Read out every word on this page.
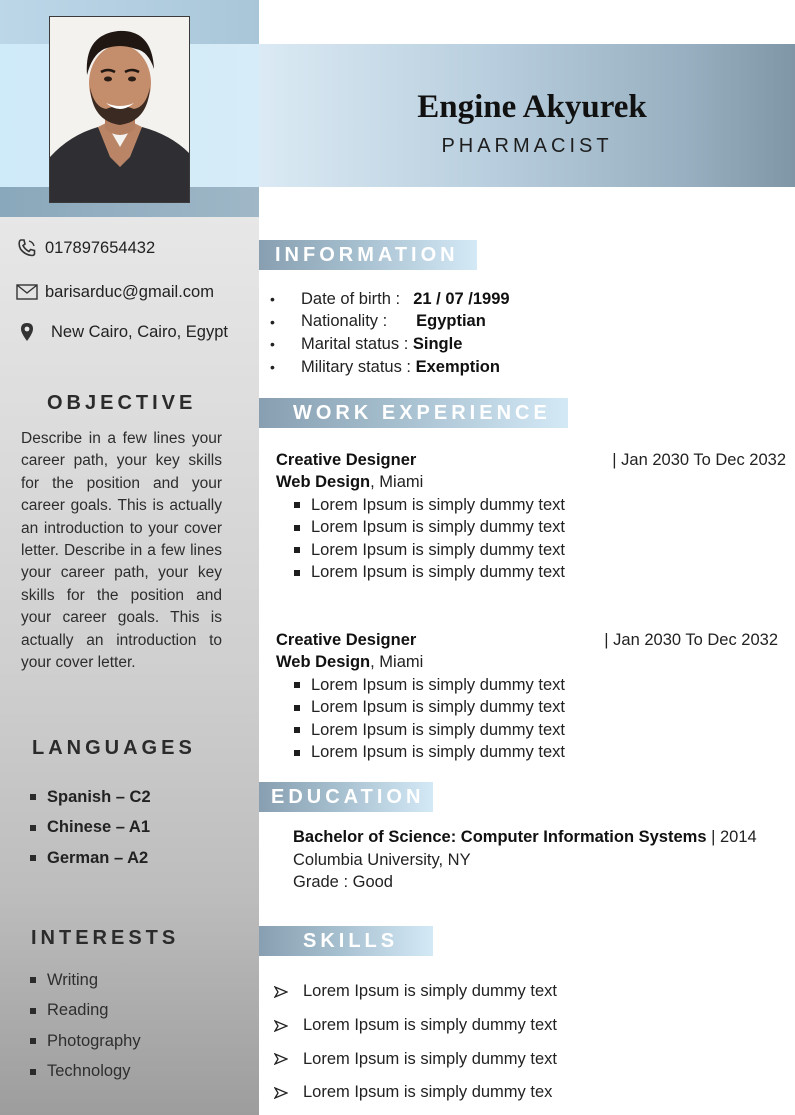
Engine Akyurek
PHARMACIST
017897654432
barisarduc@gmail.com
New Cairo, Cairo, Egypt
OBJECTIVE
Describe in a few lines your career path, your key skills for the position and your career goals. This is actually an introduction to your cover letter. Describe in a few lines your career path, your key skills for the position and your career goals. This is actually an introduction to your cover letter.
LANGUAGES
Spanish – C2
Chinese – A1
German – A2
INTERESTS
Writing
Reading
Photography
Technology
INFORMATION
•	Date of birth : 21 / 07 /1999
•	Nationality : Egyptian
•	Marital status : Single
•	Military status : Exemption
WORK EXPERIENCE
Creative Designer	| Jan 2030 To Dec 2032
Web Design , Miami
Lorem Ipsum is simply dummy text
Lorem Ipsum is simply dummy text
Lorem Ipsum is simply dummy text
Lorem Ipsum is simply dummy text
Creative Designer	| Jan 2030 To Dec 2032
Web Design , Miami
Lorem Ipsum is simply dummy text
Lorem Ipsum is simply dummy text
Lorem Ipsum is simply dummy text
Lorem Ipsum is simply dummy text
EDUCATION
Bachelor of Science: Computer Information Systems | 2014
Columbia University, NY
Grade : Good
SKILLS
Lorem Ipsum is simply dummy text
Lorem Ipsum is simply dummy text
Lorem Ipsum is simply dummy text
Lorem Ipsum is simply dummy tex
